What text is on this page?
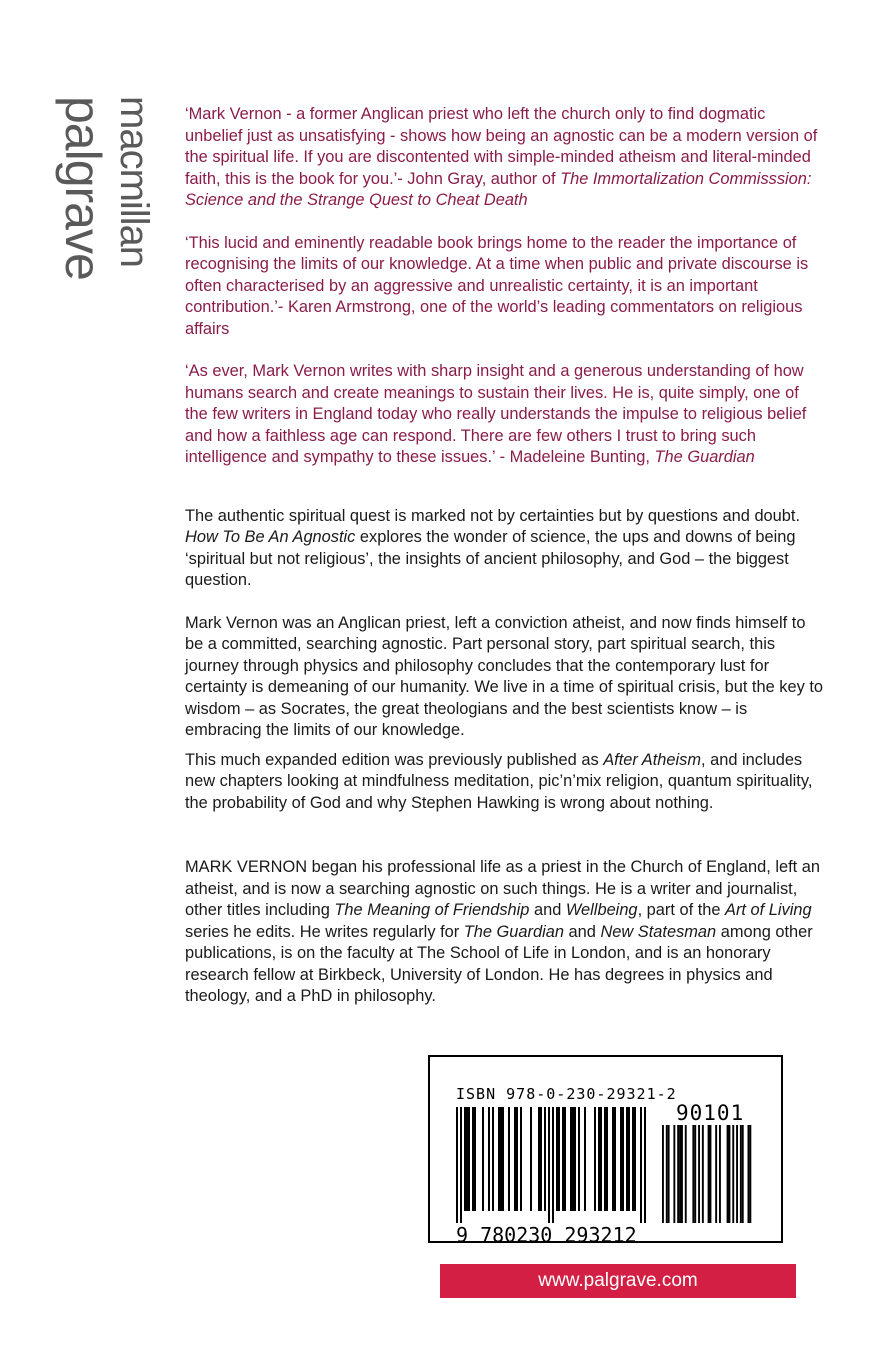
palgrave macmillan ‘Mark Vernon - a former Anglican priest who left the church only to find dogmatic unbelief just as unsatisfying - shows how being an agnostic can be a modern version of the spiritual life. If you are discontented with simple-minded atheism and literal-minded faith, this is the book for you.’- John Gray, author of The Immortalization Commisssion: Science and the Strange Quest to Cheat Death

‘This lucid and eminently readable book brings home to the reader the importance of recognising the limits of our knowledge. At a time when public and private discourse is often characterised by an aggressive and unrealistic certainty, it is an important contribution.’- Karen Armstrong, one of the world’s leading commentators on religious affairs

‘As ever, Mark Vernon writes with sharp insight and a generous understanding of how humans search and create meanings to sustain their lives. He is, quite simply, one of the few writers in England today who really understands the impulse to religious belief and how a faithless age can respond. There are few others I trust to bring such intelligence and sympathy to these issues.’ - Madeleine Bunting, The Guardian

The authentic spiritual quest is marked not by certainties but by questions and doubt. How To Be An Agnostic explores the wonder of science, the ups and downs of being ‘spiritual but not religious’, the insights of ancient philosophy, and God – the biggest question.

Mark Vernon was an Anglican priest, left a conviction atheist, and now finds himself to be a committed, searching agnostic. Part personal story, part spiritual search, this journey through physics and philosophy concludes that the contemporary lust for certainty is demeaning of our humanity. We live in a time of spiritual crisis, but the key to wisdom – as Socrates, the great theologians and the best scientists know – is embracing the limits of our knowledge.

This much expanded edition was previously published as After Atheism, and includes new chapters looking at mindfulness meditation, pic’n’mix religion, quantum spirituality, the probability of God and why Stephen Hawking is wrong about nothing.

MARK VERNON began his professional life as a priest in the Church of England, left an atheist, and is now a searching agnostic on such things. He is a writer and journalist, other titles including The Meaning of Friendship and Wellbeing, part of the Art of Living series he edits. He writes regularly for The Guardian and New Statesman among other publications, is on the faculty at The School of Life in London, and is an honorary research fellow at Birkbeck, University of London. He has degrees in physics and theology, and a PhD in philosophy.

ISBN 978-0-230-29321-2
90101
9 780230 293212
www.palgrave.com
